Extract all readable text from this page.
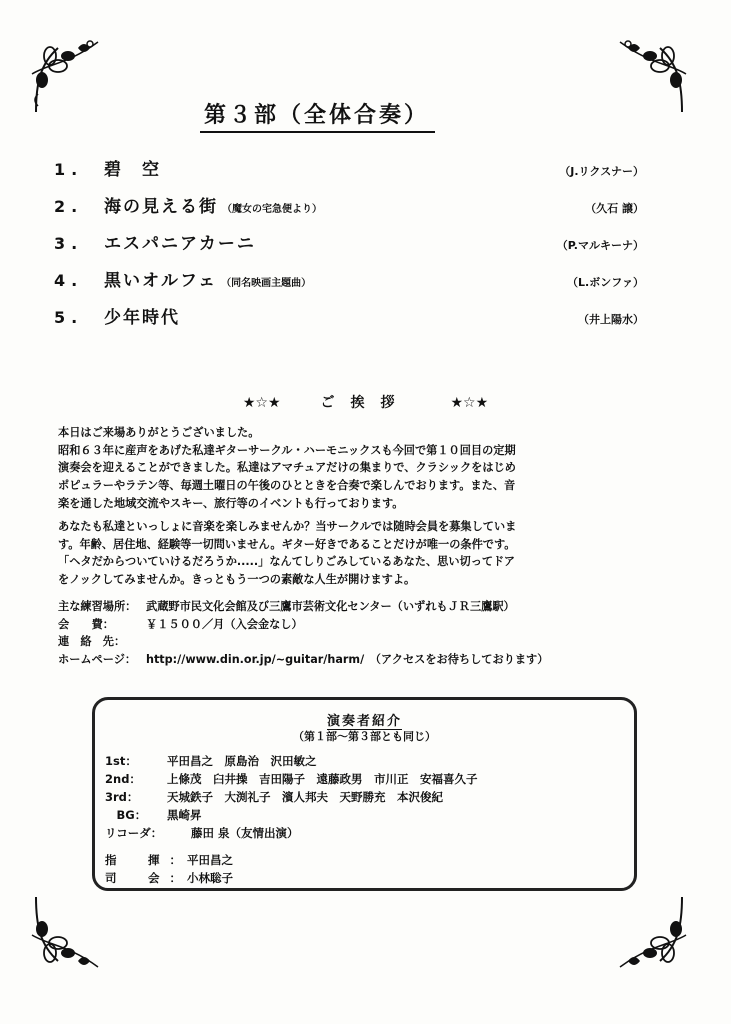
第３部（全体合奏）
1.	碧　空	（J.リクスナー）
2.	海の見える街 （魔女の宅急便より）	（久石 譲）
3.	エスパニアカーニ	（P.マルキーナ）
4.	黒いオルフェ （同名映画主題曲）	（L.ボンファ）
5.	少年時代	（井上陽水）
★☆★	ご挨拶	★☆★
本日はご来場ありがとうございました。
昭和６３年に産声をあげた私達ギターサークル・ハーモニックスも今回で第１０回目の定期
演奏会を迎えることができました。私達はアマチュアだけの集まりで、クラシックをはじめ
ポピュラーやラテン等、毎週土曜日の午後のひとときを合奏で楽しんでおります。また、音
楽を通した地域交流やスキー、旅行等のイベントも行っております。
あなたも私達といっしょに音楽を楽しみませんか？当サークルでは随時会員を募集していま
す。年齢、居住地、経験等一切問いません。ギター好きであることだけが唯一の条件です。
「ヘタだからついていけるだろうか.....」なんてしりごみしているあなた、思い切ってドア
をノックしてみませんか。きっともう一つの素敵な人生が開けますよ。
主な練習場所： 武蔵野市民文化会館及び三鷹市芸術文化センター（いずれもＪＲ三鷹駅）
会　　費：	￥１５００／月（入会金なし）
連　絡　先：
ホームページ： http://www.din.or.jp/~guitar/harm/　（アクセスをお待ちしております）
演奏者紹介
（第１部～第３部とも同じ）
1st：	平田昌之　原島治　沢田敏之
2nd：	上條茂　臼井操　吉田陽子　遠藤政男　市川正　安福喜久子
3rd：	天城鉄子　大渕礼子　濱人邦夫　天野勝充　本沢俊紀
　BG：	黒崎昇
リコーダ：	藤田 泉（友情出演）
指　揮：
平田昌之
司　会：
小林聡子
